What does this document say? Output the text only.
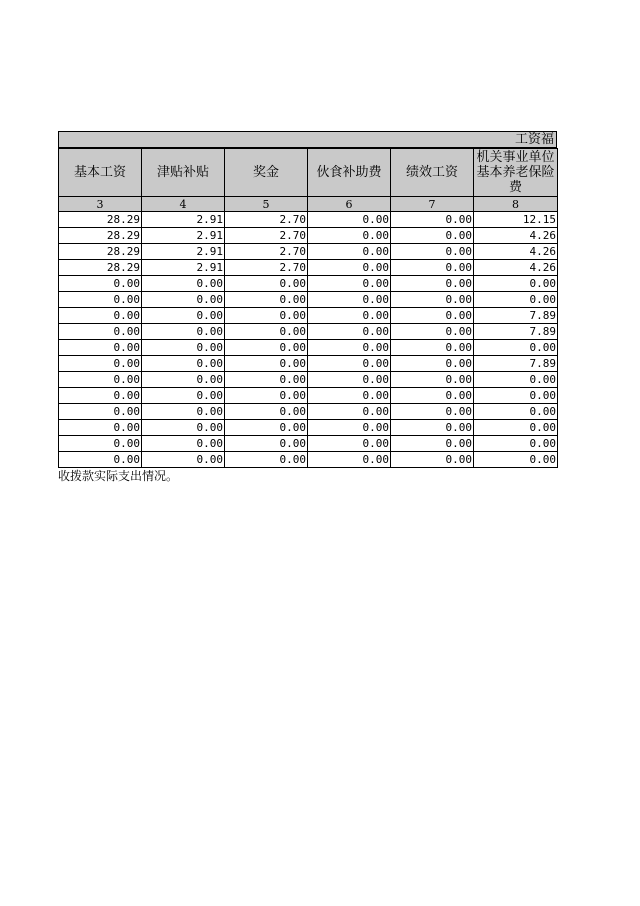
工资福
基本工资	津贴补贴	奖金	伙食补助费	绩效工资	机关事业单位基本养老保险费
3	4	5	6	7	8
28.29	2.91	2.70	0.00	0.00	12.15
28.29	2.91	2.70	0.00	0.00	4.26
28.29	2.91	2.70	0.00	0.00	4.26
28.29	2.91	2.70	0.00	0.00	4.26
0.00	0.00	0.00	0.00	0.00	0.00
0.00	0.00	0.00	0.00	0.00	0.00
0.00	0.00	0.00	0.00	0.00	7.89
0.00	0.00	0.00	0.00	0.00	7.89
0.00	0.00	0.00	0.00	0.00	0.00
0.00	0.00	0.00	0.00	0.00	7.89
0.00	0.00	0.00	0.00	0.00	0.00
0.00	0.00	0.00	0.00	0.00	0.00
0.00	0.00	0.00	0.00	0.00	0.00
0.00	0.00	0.00	0.00	0.00	0.00
0.00	0.00	0.00	0.00	0.00	0.00
0.00	0.00	0.00	0.00	0.00	0.00
收拨款实际支出情况。
